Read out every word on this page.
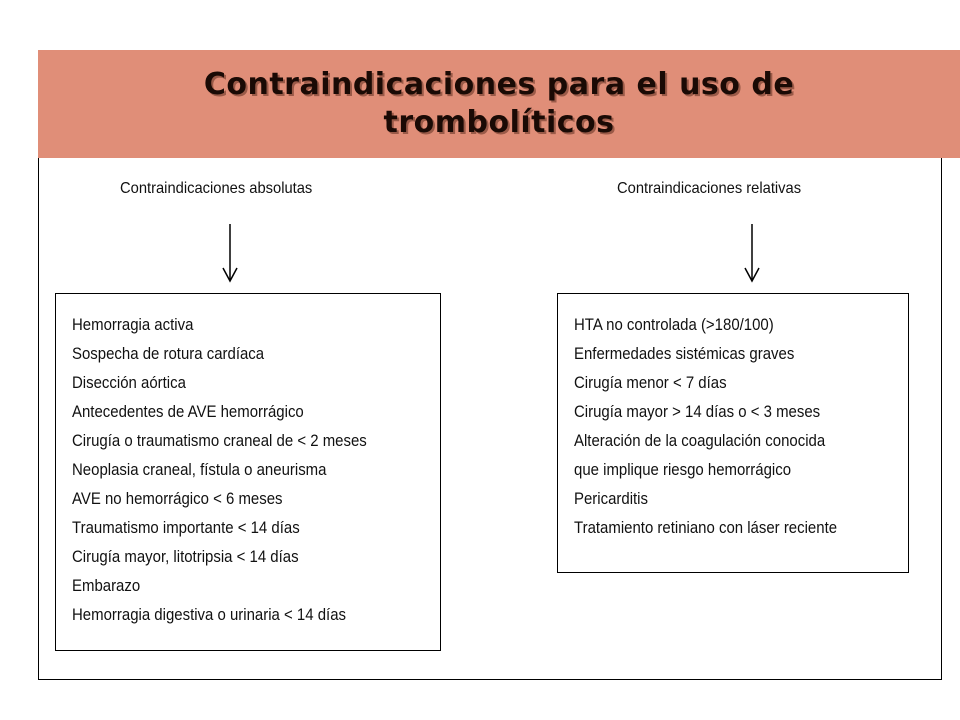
Contraindicaciones para el uso de
trombolíticos
Contraindicaciones absolutas
Hemorragia activa
Sospecha de rotura cardíaca
Disección aórtica
Antecedentes de AVE hemorrágico
Cirugía o traumatismo craneal de < 2 meses
Neoplasia craneal, fístula o aneurisma
AVE no hemorrágico < 6 meses
Traumatismo importante < 14 días
Cirugía mayor, litotripsia < 14 días
Embarazo
Hemorragia digestiva o urinaria < 14 días
Contraindicaciones relativas
HTA no controlada (>180/100)
Enfermedades sistémicas graves
Cirugía menor < 7 días
Cirugía mayor > 14 días o < 3 meses
Alteración de la coagulación conocida
que implique riesgo hemorrágico
Pericarditis
Tratamiento retiniano con láser reciente
